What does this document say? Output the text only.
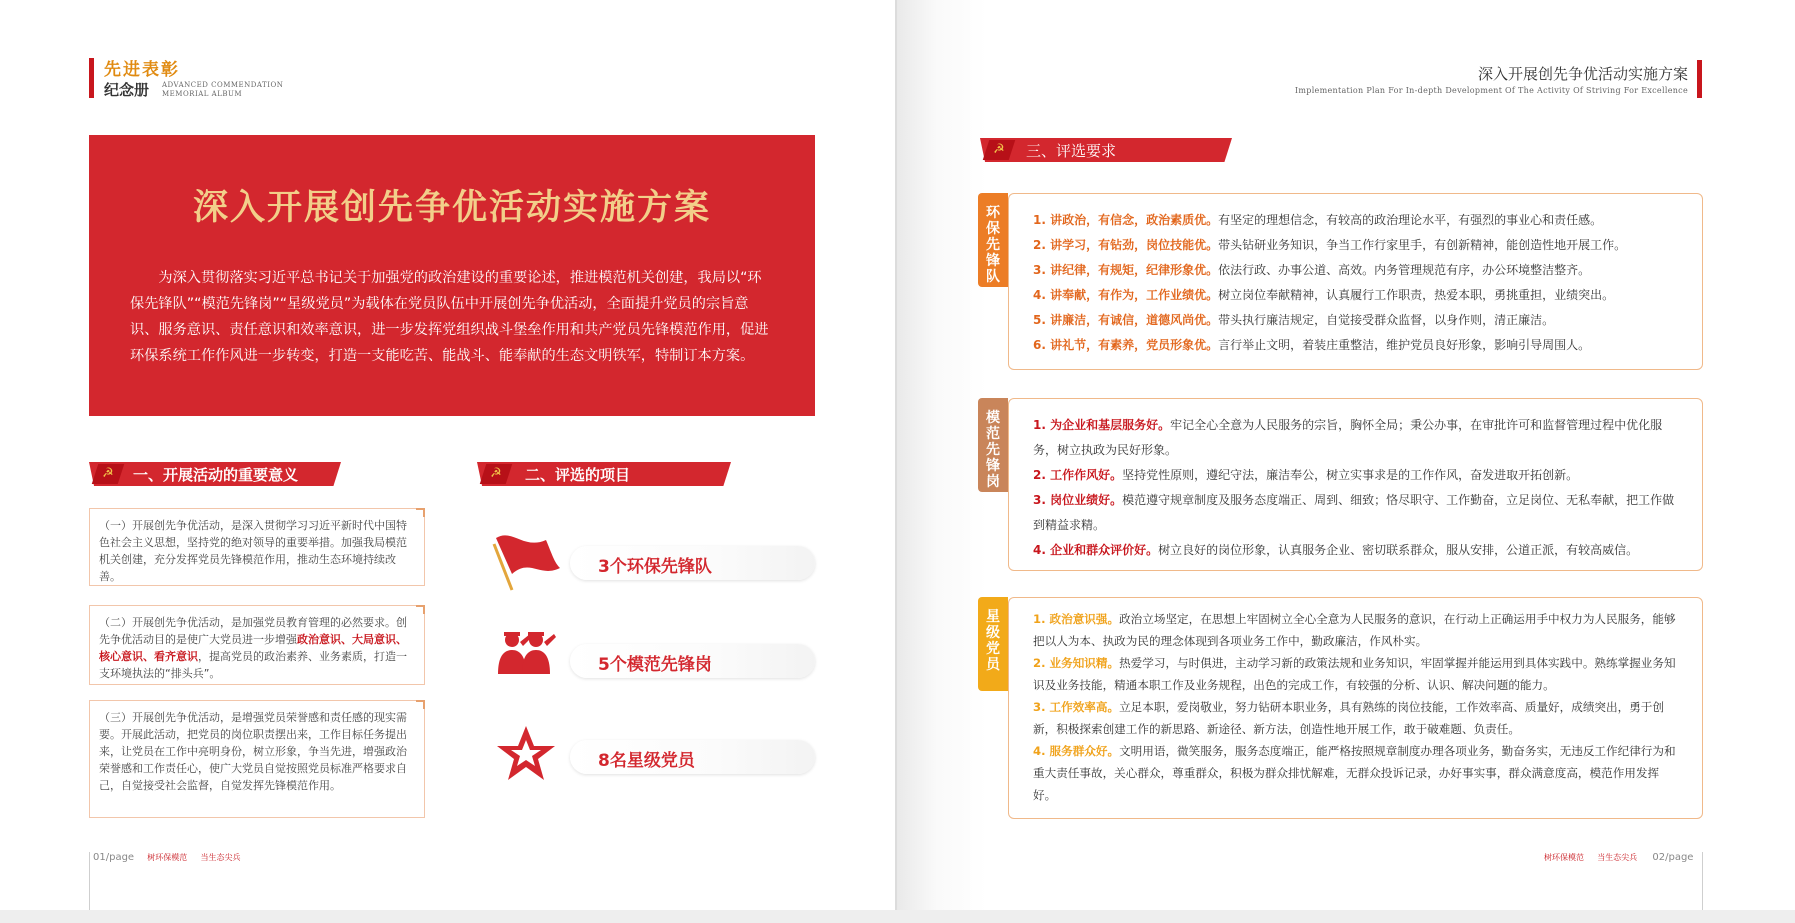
先进表彰
纪念册 ADVANCED COMMENDATION
MEMORIAL ALBUM
深入开展创先争优活动实施方案
为深入贯彻落实习近平总书记关于加强党的政治建设的重要论述，推进模范机关创建，我局以“环保先锋队”“模范先锋岗”“星级党员”为载体在党员队伍中开展创先争优活动，全面提升党员的宗旨意识、服务意识、责任意识和效率意识，进一步发挥党组织战斗堡垒作用和共产党员先锋模范作用，促进环保系统工作作风进一步转变，打造一支能吃苦、能战斗、能奉献的生态文明铁军，特制订本方案。
☭	一、开展活动的重要意义	☭	二、评选的项目
（一）开展创先争优活动，是深入贯彻学习习近平新时代中国特色社会主义思想，坚持党的绝对领导的重要举措。加强我局模范机关创建，充分发挥党员先锋模范作用，推动生态环境持续改善。
（二）开展创先争优活动，是加强党员教育管理的必然要求。创先争优活动目的是使广大党员进一步增强政治意识、大局意识、核心意识、看齐意识，提高党员的政治素养、业务素质，打造一支环境执法的“排头兵”。
（三）开展创先争优活动，是增强党员荣誉感和责任感的现实需要。开展此活动，把党员的岗位职责摆出来，工作目标任务提出来，让党员在工作中亮明身份，树立形象，争当先进，增强政治荣誉感和工作责任心，使广大党员自觉按照党员标准严格要求自己，自觉接受社会监督，自觉发挥先锋模范作用。
3个环保先锋队
5个模范先锋岗
8名星级党员
01/page 树环保模范 当生态尖兵
深入开展创先争优活动实施方案
Implementation Plan For In-depth Development Of The Activity Of Striving For Excellence
☭	三、评选要求
环保先锋队
1. 讲政治，有信念，政治素质优。有坚定的理想信念，有较高的政治理论水平，有强烈的事业心和责任感。
2. 讲学习，有钻劲，岗位技能优。带头钻研业务知识，争当工作行家里手，有创新精神，能创造性地开展工作。
3. 讲纪律，有规矩，纪律形象优。依法行政、办事公道、高效。内务管理规范有序，办公环境整洁整齐。
4. 讲奉献，有作为，工作业绩优。树立岗位奉献精神，认真履行工作职责，热爱本职，勇挑重担，业绩突出。
5. 讲廉洁，有诚信，道德风尚优。带头执行廉洁规定，自觉接受群众监督，以身作则，清正廉洁。
6. 讲礼节，有素养，党员形象优。言行举止文明，着装庄重整洁，维护党员良好形象，影响引导周围人。
模范先锋岗
1. 为企业和基层服务好。牢记全心全意为人民服务的宗旨，胸怀全局；秉公办事，在审批许可和监督管理过程中优化服务，树立执政为民好形象。
2. 工作作风好。坚持党性原则，遵纪守法，廉洁奉公，树立实事求是的工作作风，奋发进取开拓创新。
3. 岗位业绩好。模范遵守规章制度及服务态度端正、周到、细致；恪尽职守、工作勤奋，立足岗位、无私奉献，把工作做到精益求精。
4. 企业和群众评价好。树立良好的岗位形象，认真服务企业、密切联系群众，服从安排，公道正派，有较高威信。
星级党员
1. 政治意识强。政治立场坚定，在思想上牢固树立全心全意为人民服务的意识，在行动上正确运用手中权力为人民服务，能够把以人为本、执政为民的理念体现到各项业务工作中，勤政廉洁，作风朴实。
2. 业务知识精。热爱学习，与时俱进，主动学习新的政策法规和业务知识，牢固掌握并能运用到具体实践中。熟练掌握业务知识及业务技能，精通本职工作及业务规程，出色的完成工作，有较强的分析、认识、解决问题的能力。
3. 工作效率高。立足本职，爱岗敬业，努力钻研本职业务，具有熟练的岗位技能，工作效率高、质量好，成绩突出，勇于创新，积极探索创建工作的新思路、新途径、新方法，创造性地开展工作，敢于破难题、负责任。
4. 服务群众好。文明用语，微笑服务，服务态度端正，能严格按照规章制度办理各项业务，勤奋务实，无违反工作纪律行为和重大责任事故，关心群众，尊重群众，积极为群众排忧解难，无群众投诉记录，办好事实事，群众满意度高，模范作用发挥好。
树环保模范 当生态尖兵 02/page
